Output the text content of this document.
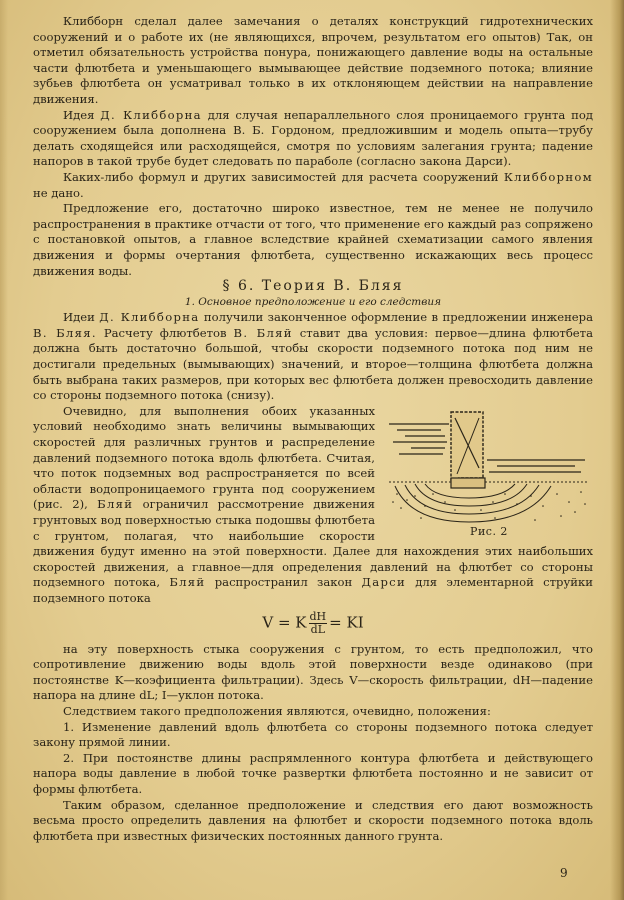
Клибборн сделал далее замечания о деталях конструкций гидротехнических сооружений и о работе их (не являющихся, впрочем, результатом его опытов) Так, он отметил обязательность устройства понура, понижающего давление воды на остальные части флютбета и уменьшающего вымывающее действие подземного потока; влияние зубьев флютбета он усматривал только в их отклоняющем действии на направление движения.

Идея Д. Клибборна для случая непараллельного слоя проницаемого грунта под сооружением была дополнена В. Б. Гордоном, предложившим и модель опыта—трубу делать сходящейся или расходящейся, смотря по условиям залегания грунта; падение напоров в такой трубе будет следовать по параболе (согласно закона Дарси).

Каких-либо формул и других зависимостей для расчета сооружений Клибборном не дано.

Предложение его, достаточно широко известное, тем не менее не получило распространения в практике отчасти от того, что применение его каждый раз сопряжено с постановкой опытов, а главное вследствие крайней схематизации самого явления движения и формы очертания флютбета, существенно искажающих весь процесс движения воды.

§ 6. Теория В. Бляя

1. Основное предположение и его следствия

Идеи Д. Клибборна получили законченное оформление в предложении инженера В. Бляя. Расчету флютбетов В. Бляй ставит два условия: первое—длина флютбета должна быть достаточно большой, чтобы скорости подземного потока под ним не достигали предельных (вымывающих) значений, и второе—толщина флютбета должна быть выбрана таких размеров, при которых вес флютбета должен превосходить давление со стороны подземного потока (снизу).

Рис. 2

Очевидно, для выполнения обоих указанных условий необходимо знать величины вымывающих скоростей для различных грунтов и распределение давлений подземного потока вдоль флютбета. Считая, что поток подземных вод распространяется по всей области водопроницаемого грунта под сооружением (рис. 2), Бляй ограничил рассмотрение движения грунтовых вод поверхностью стыка подошвы флютбета с грунтом, полагая, что наибольшие скорости движения будут именно на этой поверхности. Далее для нахождения этих наибольших скоростей движения, а главное—для определения давлений на флютбет со стороны подземного потока, Бляй распространил закон Дарси для элементарной струйки подземного потока

V = K $\frac{dH}{dL}$ = KI

на эту поверхность стыка сооружения с грунтом, то есть предположил, что сопротивление движению воды вдоль этой поверхности везде одинаково (при постоянстве K—коэфициента фильтрации). Здесь V—скорость фильтрации, dH—падение напора на длине dL; I—уклон потока.

Следствием такого предположения являются, очевидно, положения:

1. Изменение давлений вдоль флютбета со стороны подземного потока следует закону прямой линии.

2. При постоянстве длины распрямленного контура флютбета и действующего напора воды давление в любой точке развертки флютбета постоянно и не зависит от формы флютбета.

Таким образом, сделанное предположение и следствия его дают возможность весьма просто определить давления на флютбет и скорости подземного потока вдоль флютбета при известных физических постоянных данного грунта.

9
